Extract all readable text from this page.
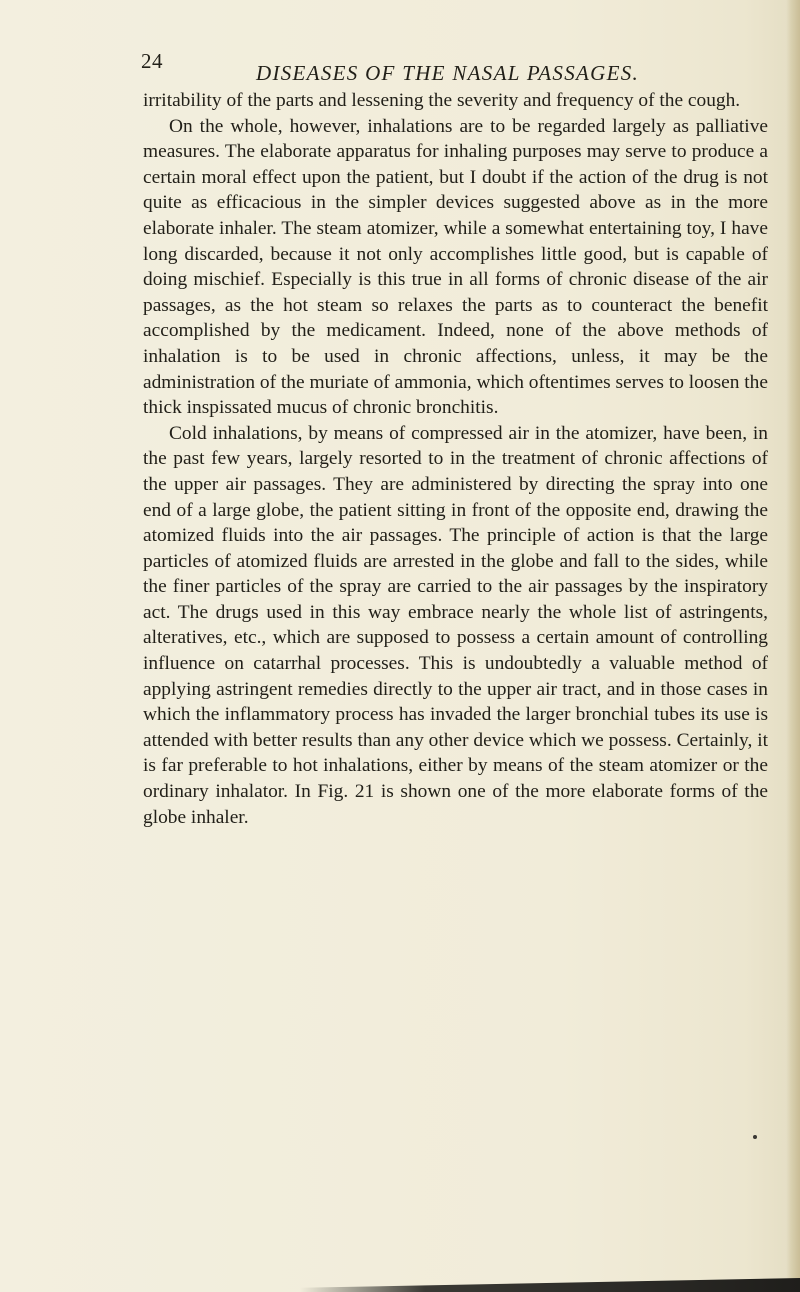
24	DISEASES OF THE NASAL PASSAGES.

irritability of the parts and lessening the severity and frequency of the cough.

On the whole, however, inhalations are to be regarded largely as palliative measures. The elaborate apparatus for inhaling purposes may serve to produce a certain moral effect upon the patient, but I doubt if the action of the drug is not quite as efficacious in the simpler devices suggested above as in the more elaborate inhaler. The steam atomizer, while a somewhat entertaining toy, I have long discarded, because it not only accomplishes little good, but is capable of doing mischief. Especially is this true in all forms of chronic disease of the air passages, as the hot steam so relaxes the parts as to counteract the benefit accomplished by the medicament. Indeed, none of the above methods of inhalation is to be used in chronic affections, unless, it may be the administration of the muriate of ammonia, which oftentimes serves to loosen the thick inspissated mucus of chronic bronchitis.

Cold inhalations, by means of compressed air in the atomizer, have been, in the past few years, largely resorted to in the treatment of chronic affections of the upper air passages. They are administered by directing the spray into one end of a large globe, the patient sitting in front of the opposite end, drawing the atomized fluids into the air passages. The principle of action is that the large particles of atomized fluids are arrested in the globe and fall to the sides, while the finer particles of the spray are carried to the air passages by the inspiratory act. The drugs used in this way embrace nearly the whole list of astringents, alteratives, etc., which are supposed to possess a certain amount of controlling influence on catarrhal processes. This is undoubtedly a valuable method of applying astringent remedies directly to the upper air tract, and in those cases in which the inflammatory process has invaded the larger bronchial tubes its use is attended with better results than any other device which we possess. Certainly, it is far preferable to hot inhalations, either by means of the steam atomizer or the ordinary inhalator. In Fig. 21 is shown one of the more elaborate forms of the globe inhaler.
